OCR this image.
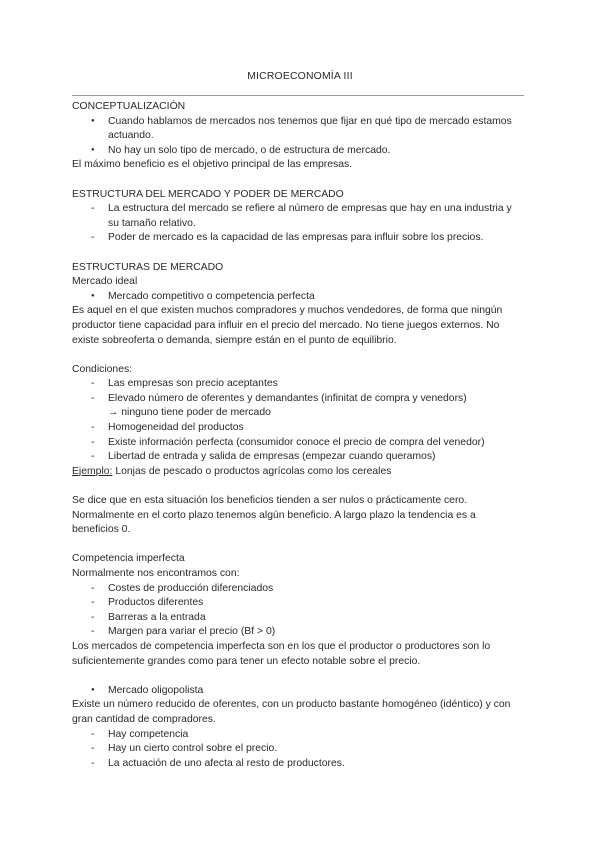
MICROECONOMÍA III

CONCEPTUALIZACIÓN

●
Cuando hablamos de mercados nos tenemos que fijar en qué tipo de mercado estamos actuando.

●
No hay un solo tipo de mercado, o de estructura de mercado.

El máximo beneficio es el objetivo principal de las empresas.

ESTRUCTURA DEL MERCADO Y PODER DE MERCADO

-	La estructura del mercado se refiere al número de empresas que hay en una industria y su tamaño relativo.

-	Poder de mercado es la capacidad de las empresas para influir sobre los precios.

ESTRUCTURAS DE MERCADO

Mercado ideal

●
Mercado competitivo o competencia perfecta

Es aquel en el que existen muchos compradores y muchos vendedores, de forma que ningún productor tiene capacidad para influir en el precio del mercado. No tiene juegos externos. No existe sobreoferta o demanda, siempre están en el punto de equilibrio.

Condiciones:

-	Las empresas son precio aceptantes

-	Elevado número de oferentes y demandantes (infinitat de compra y venedors)

→ ninguno tiene poder de mercado

-	Homogeneidad del productos

-	Existe información perfecta (consumidor conoce el precio de compra del venedor)

-	Libertad de entrada y salida de empresas (empezar cuando queramos)

Ejemplo: Lonjas de pescado o productos agrícolas como los cereales

Se dice que en esta situación los beneficios tienden a ser nulos o prácticamente cero. Normalmente en el corto plazo tenemos algún beneficio. A largo plazo la tendencia es a beneficios 0.

Competencia imperfecta

Normalmente nos encontramos con:

-	Costes de producción diferenciados

-	Productos diferentes

-	Barreras a la entrada

-	Margen para variar el precio (Bf > 0)

Los mercados de competencia imperfecta son en los que el productor o productores son lo suficientemente grandes como para tener un efecto notable sobre el precio.

●
Mercado oligopolista

Existe un número reducido de oferentes, con un producto bastante homogéneo (idéntico) y con gran cantidad de compradores.

-	Hay competencia

-	Hay un cierto control sobre el precio.

-	La actuación de uno afecta al resto de productores.
